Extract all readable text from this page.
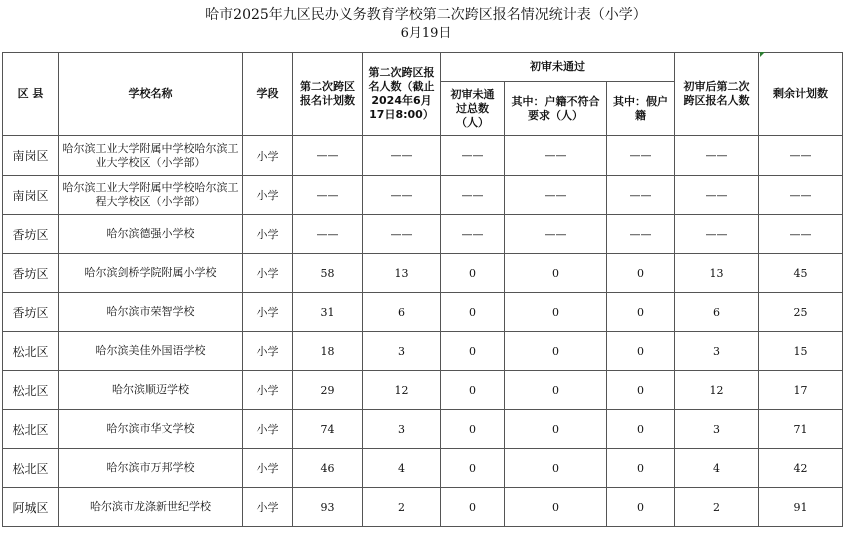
哈市2025年九区民办义务教育学校第二次跨区报名情况统计表（小学）
6月19日
区 县	学校名称	学段	第二次跨区报名计划数	第二次跨区报名人数（截止2024年6月17日8:00）	初审未通过			初审后第二次跨区报名人数	剩余计划数
					初审未通过总数（人）	其中：户籍不符合要求（人）	其中：假户籍		
南岗区	哈尔滨工业大学附属中学校哈尔滨工业大学校区（小学部）	小学	——	——	——	——	——	——	——
南岗区	哈尔滨工业大学附属中学校哈尔滨工程大学校区（小学部）	小学	——	——	——	——	——	——	——
香坊区	哈尔滨德强小学校	小学	——	——	——	——	——	——	——
香坊区	哈尔滨剑桥学院附属小学校	小学	58	13	0	0	0	13	45
香坊区	哈尔滨市荣智学校	小学	31	6	0	0	0	6	25
松北区	哈尔滨美佳外国语学校	小学	18	3	0	0	0	3	15
松北区	哈尔滨顺迈学校	小学	29	12	0	0	0	12	17
松北区	哈尔滨市华文学校	小学	74	3	0	0	0	3	71
松北区	哈尔滨市万邦学校	小学	46	4	0	0	0	4	42
阿城区	哈尔滨市龙涤新世纪学校	小学	93	2	0	0	0	2	91
